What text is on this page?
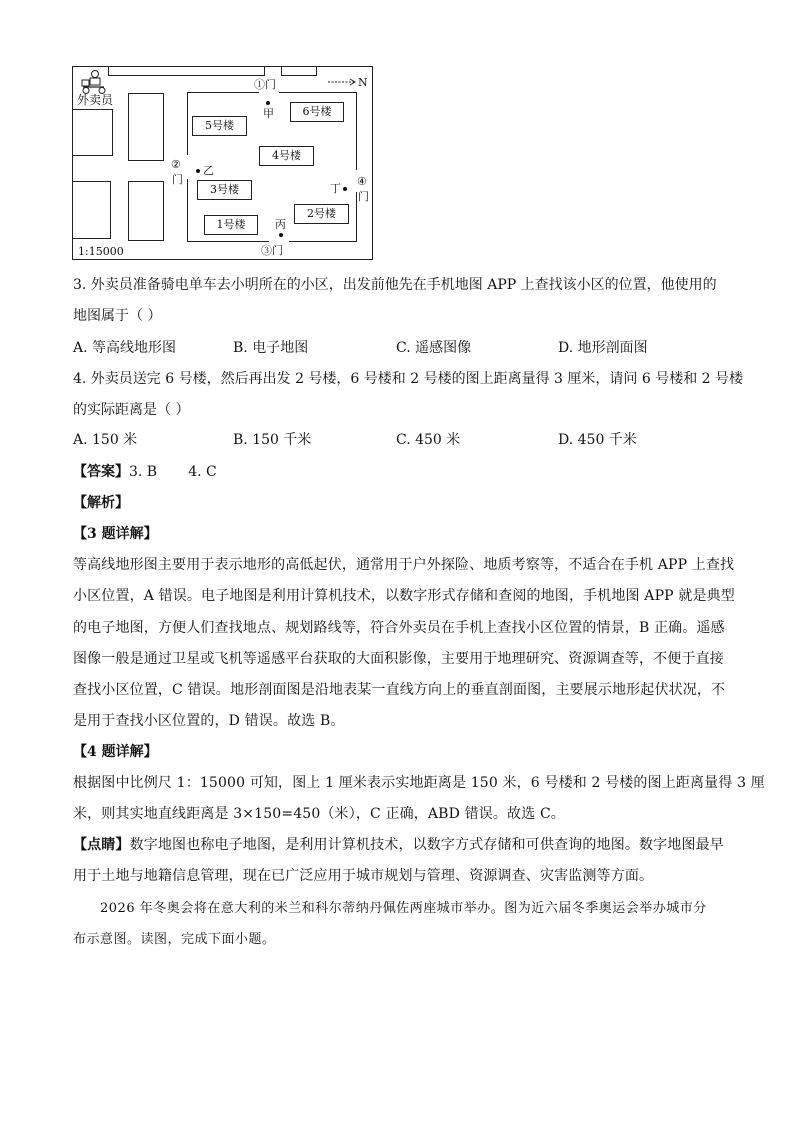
外卖员
N
①门
②
门
③门
④
门
甲
乙
丙
丁
5号楼
6号楼
4号楼
3号楼
1号楼
2号楼
1:15000
3. 外卖员准备骑电单车去小明所在的小区，出发前他先在手机地图 APP 上查找该小区的位置，他使用的
地图属于（ ）
A. 等高线地形图	B. 电子地图	C. 遥感图像	D. 地形剖面图
4. 外卖员送完 6 号楼，然后再出发 2 号楼，6 号楼和 2 号楼的图上距离量得 3 厘米，请问 6 号楼和 2 号楼
的实际距离是（ ）
A. 150 米	B. 150 千米	C. 450 米	D. 450 千米
【答案】3. B       4. C
【解析】
【3 题详解】
等高线地形图主要用于表示地形的高低起伏，通常用于户外探险、地质考察等，不适合在手机 APP 上查找
小区位置，A 错误。电子地图是利用计算机技术，以数字形式存储和查阅的地图，手机地图 APP 就是典型
的电子地图，方便人们查找地点、规划路线等，符合外卖员在手机上查找小区位置的情景，B 正确。遥感
图像一般是通过卫星或飞机等遥感平台获取的大面积影像，主要用于地理研究、资源调查等，不便于直接
查找小区位置，C 错误。地形剖面图是沿地表某一直线方向上的垂直剖面图，主要展示地形起伏状况，不
是用于查找小区位置的，D 错误。故选 B。
【4 题详解】
根据图中比例尺 1：15000 可知，图上 1 厘米表示实地距离是 150 米，6 号楼和 2 号楼的图上距离量得 3 厘
米，则其实地直线距离是 3×150=450（米），C 正确，ABD 错误。故选 C。
【点睛】数字地图也称电子地图，是利用计算机技术，以数字方式存储和可供查询的地图。数字地图最早
用于土地与地籍信息管理，现在已广泛应用于城市规划与管理、资源调查、灾害监测等方面。
2026 年冬奥会将在意大利的米兰和科尔蒂纳丹佩佐两座城市举办。图为近六届冬季奥运会举办城市分
布示意图。读图，完成下面小题。
